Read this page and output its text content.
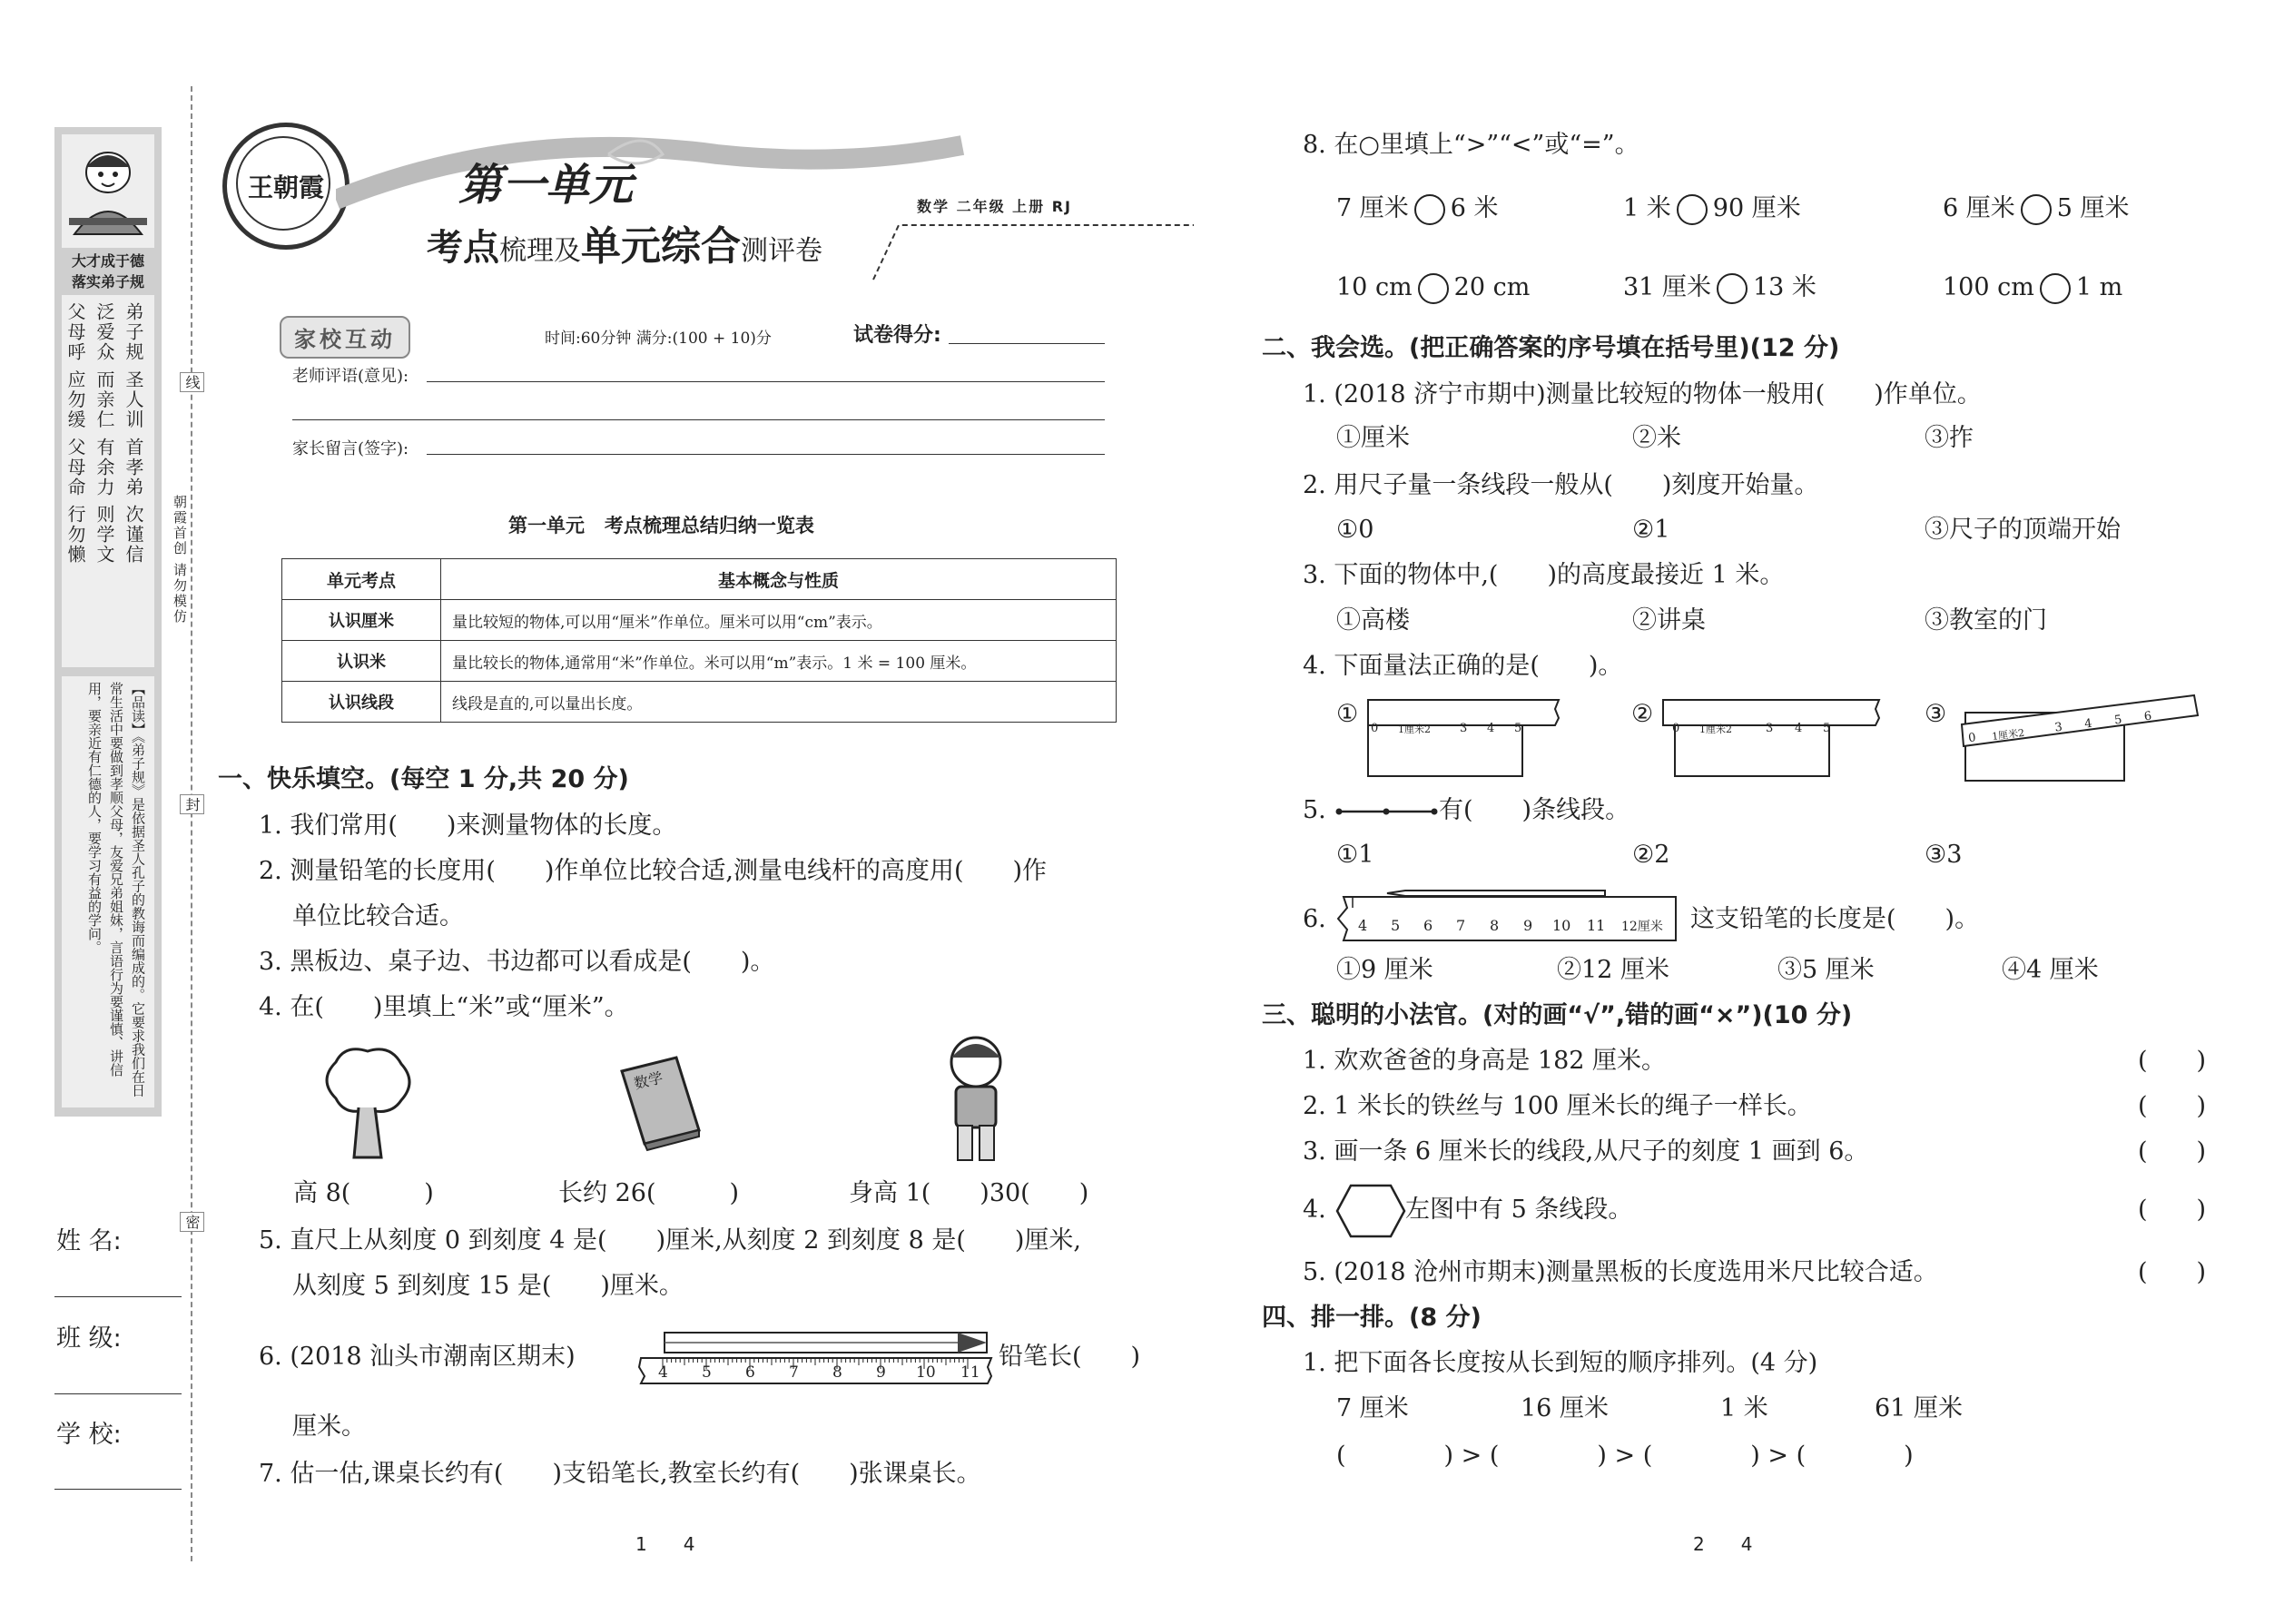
大才成于德
落实弟子规
弟子规 圣人训 首孝弟 次谨信
泛爱众 而亲仁 有余力 则学文
父母呼 应勿缓 父母命 行勿懒
【品读】《弟子规》是依据圣人孔子的教诲而编成的。它要求我们在日常生活中要做到孝顺父母，友爱兄弟姐妹，言语行为要谨慎、讲信用，要亲近有仁德的人，要学习有益的学问。
姓 名:
班 级:
学 校:
线
封
密
朝霞首创 请勿模仿
王朝霞	第一单元
考点梳理及单元综合测评卷
数学 二年级 上册 RJ
家校互动	时间:60分钟 满分:(100 + 10)分	试卷得分:
老师评语(意见):
家长留言(签字):
第一单元   考点梳理总结归纳一览表
单元考点	基本概念与性质
认识厘米	量比较短的物体,可以用“厘米”作单位。厘米可以用“cm”表示。
认识米	量比较长的物体,通常用“米”作单位。米可以用“m”表示。1 米 = 100 厘米。
认识线段	线段是直的,可以量出长度。
一、快乐填空。(每空 1 分,共 20 分)
1. 我们常用(　　)来测量物体的长度。
2. 测量铅笔的长度用(　　)作单位比较合适,测量电线杆的高度用(　　)作
单位比较合适。
3. 黑板边、桌子边、书边都可以看成是(　　)。
4. 在(　　)里填上“米”或“厘米”。
数学
高 8(　　　)	长约 26(　　　)	身高 1(　　)30(　　)
5. 直尺上从刻度 0 到刻度 4 是(　　)厘米,从刻度 2 到刻度 8 是(　　)厘米,
从刻度 5 到刻度 15 是(　　)厘米。
6. (2018 汕头市潮南区期末)
4 5 6 7 8 9 10 11
铅笔长(　　)
厘米。
7. 估一估,课桌长约有(　　)支铅笔长,教室长约有(　　)张课桌长。
1　　4
8. 在○里填上“>”“<”或“=”。
7 厘米 6 米	1 米 90 厘米	6 厘米 5 厘米
10 cm 20 cm	31 厘米 13 米	100 cm 1 m
二、我会选。(把正确答案的序号填在括号里)(12 分)
1. (2018 济宁市期中)测量比较短的物体一般用(　　)作单位。
①厘米	②米	③拃
2. 用尺子量一条线段一般从(　　)刻度开始量。
①0	②1	③尺子的顶端开始
3. 下面的物体中,(　　)的高度最接近 1 米。
①高楼	②讲桌	③教室的门
4. 下面量法正确的是(　　)。
①
0 1厘米2 3 4 5
②
0 1厘米2	3 4 5
③
0 1厘米2 3 4 5 6
5.	有(　　)条线段。
①1	②2	③3
6. 4 5 6 7 8 9 10 11 12厘米 这支铅笔的长度是(　　)。
①9 厘米	②12 厘米	③5 厘米	④4 厘米
三、聪明的小法官。(对的画“√”,错的画“×”)(10 分)
1. 欢欢爸爸的身高是 182 厘米。	(　　)
2. 1 米长的铁丝与 100 厘米长的绳子一样长。	(　　)
3. 画一条 6 厘米长的线段,从尺子的刻度 1 画到 6。	(　　)
4.	左图中有 5 条线段。	(　　)
5. (2018 沧州市期末)测量黑板的长度选用米尺比较合适。	(　　)
四、排一排。(8 分)
1. 把下面各长度按从长到短的顺序排列。(4 分)
7 厘米	16 厘米	1 米	61 厘米
(　　　　) > (　　　　) > (　　　　) > (　　　　)
2　　4
